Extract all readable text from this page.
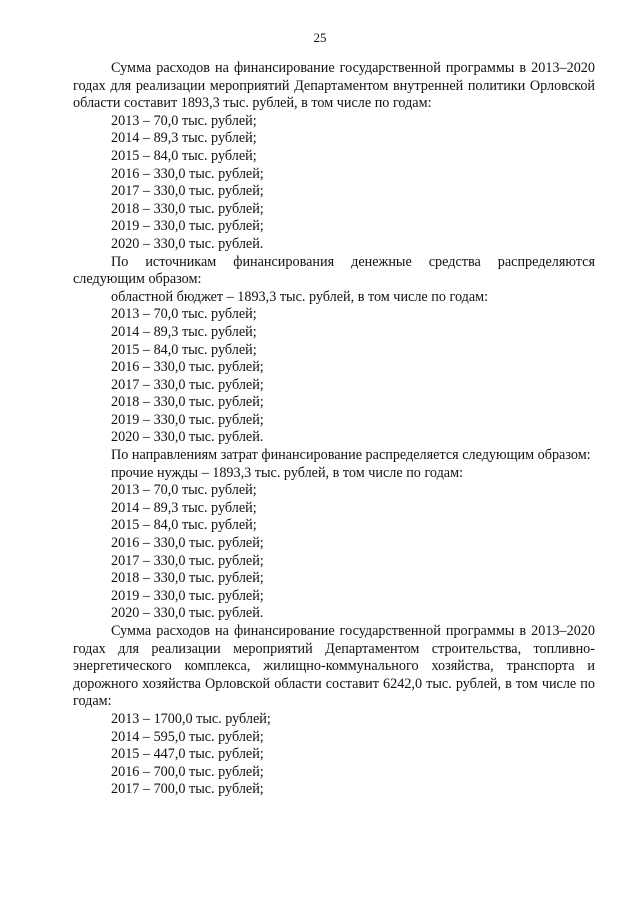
25

Сумма расходов на финансирование государственной программы в 2013–2020 годах для реализации мероприятий Департаментом внутренней политики Орловской области составит 1893,3 тыс. рублей, в том числе по годам:

2013 – 70,0 тыс. рублей;

2014 – 89,3 тыс. рублей;

2015 – 84,0 тыс. рублей;

2016 – 330,0 тыс. рублей;

2017 – 330,0 тыс. рублей;

2018 – 330,0 тыс. рублей;

2019 – 330,0 тыс. рублей;

2020 – 330,0 тыс. рублей.

По источникам финансирования денежные средства распределяются следующим образом:

областной бюджет – 1893,3 тыс. рублей, в том числе по годам:

2013 – 70,0 тыс. рублей;

2014 – 89,3 тыс. рублей;

2015 – 84,0 тыс. рублей;

2016 – 330,0 тыс. рублей;

2017 – 330,0 тыс. рублей;

2018 – 330,0 тыс. рублей;

2019 – 330,0 тыс. рублей;

2020 – 330,0 тыс. рублей.

По направлениям затрат финансирование распределяется следующим образом:

прочие нужды – 1893,3 тыс. рублей, в том числе по годам:

2013 – 70,0 тыс. рублей;

2014 – 89,3 тыс. рублей;

2015 – 84,0 тыс. рублей;

2016 – 330,0 тыс. рублей;

2017 – 330,0 тыс. рублей;

2018 – 330,0 тыс. рублей;

2019 – 330,0 тыс. рублей;

2020 – 330,0 тыс. рублей.

Сумма расходов на финансирование государственной программы в 2013–2020 годах для реализации мероприятий Департаментом строительства, топливно-энергетического комплекса, жилищно-коммунального хозяйства, транспорта и дорожного хозяйства Орловской области составит 6242,0 тыс. рублей, в том числе по годам:

2013 – 1700,0 тыс. рублей;

2014 – 595,0 тыс. рублей;

2015 – 447,0 тыс. рублей;

2016 – 700,0 тыс. рублей;

2017 – 700,0 тыс. рублей;
